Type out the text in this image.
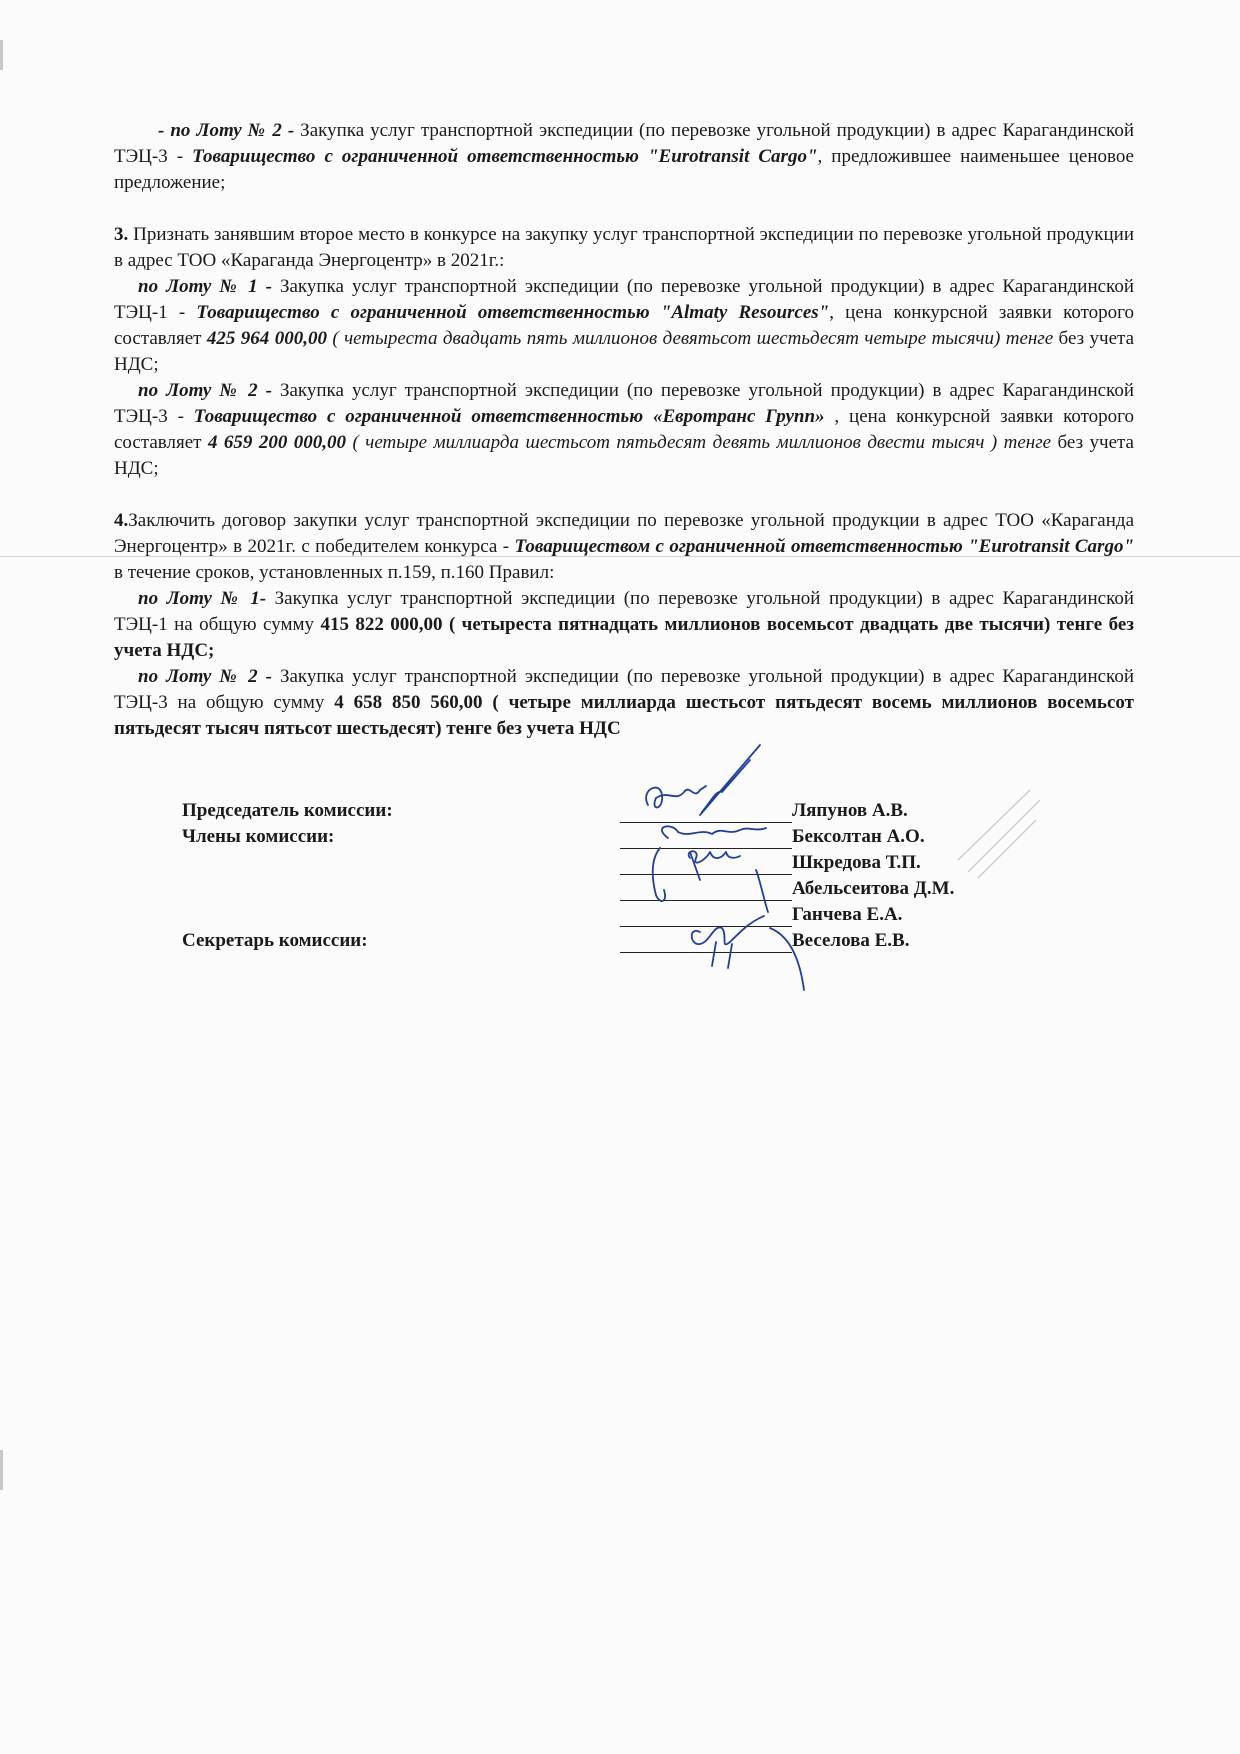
- по Лоту № 2 - Закупка услуг транспортной экспедиции (по перевозке угольной продукции) в адрес Карагандинской ТЭЦ-3 - Товарищество с ограниченной ответственностью "Eurotransit Cargo", предложившее наименьшее ценовое предложение;

3. Признать занявшим второе место в конкурсе на закупку услуг транспортной экспедиции по перевозке угольной продукции в адрес ТОО «Караганда Энергоцентр» в 2021г.:

по Лоту № 1 - Закупка услуг транспортной экспедиции (по перевозке угольной продукции) в адрес Карагандинской ТЭЦ-1 - Товарищество с ограниченной ответственностью "Almaty Resources", цена конкурсной заявки которого составляет 425 964 000,00 ( четыреста двадцать пять миллионов девятьсот шестьдесят четыре тысячи) тенге без учета НДС;

по Лоту № 2 - Закупка услуг транспортной экспедиции (по перевозке угольной продукции) в адрес Карагандинской ТЭЦ-3 - Товарищество с ограниченной ответственностью «Евротранс Групп» , цена конкурсной заявки которого составляет 4 659 200 000,00 ( четыре миллиарда шестьсот пятьдесят девять миллионов двести тысяч ) тенге без учета НДС;

4.Заключить договор закупки услуг транспортной экспедиции по перевозке угольной продукции в адрес ТОО «Караганда Энергоцентр» в 2021г. с победителем конкурса - Товариществом с ограниченной ответственностью "Eurotransit Cargo" в течение сроков, установленных п.159, п.160 Правил:

по Лоту № 1- Закупка услуг транспортной экспедиции (по перевозке угольной продукции) в адрес Карагандинской ТЭЦ-1 на общую сумму 415 822 000,00 ( четыреста пятнадцать миллионов восемьсот двадцать две тысячи) тенге без учета НДС;

по Лоту № 2 - Закупка услуг транспортной экспедиции (по перевозке угольной продукции) в адрес Карагандинской ТЭЦ-3 на общую сумму 4 658 850 560,00 ( четыре миллиарда шестьсот пятьдесят восемь миллионов восемьсот пятьдесят тысяч пятьсот шестьдесят) тенге без учета НДС

Председатель комиссии:
Члены комиссии:
Секретарь комиссии:
Ляпунов А.В.
Бексолтан А.О.
Шкредова Т.П.
Абельсеитова Д.М.
Ганчева Е.А.
Веселова Е.В.
